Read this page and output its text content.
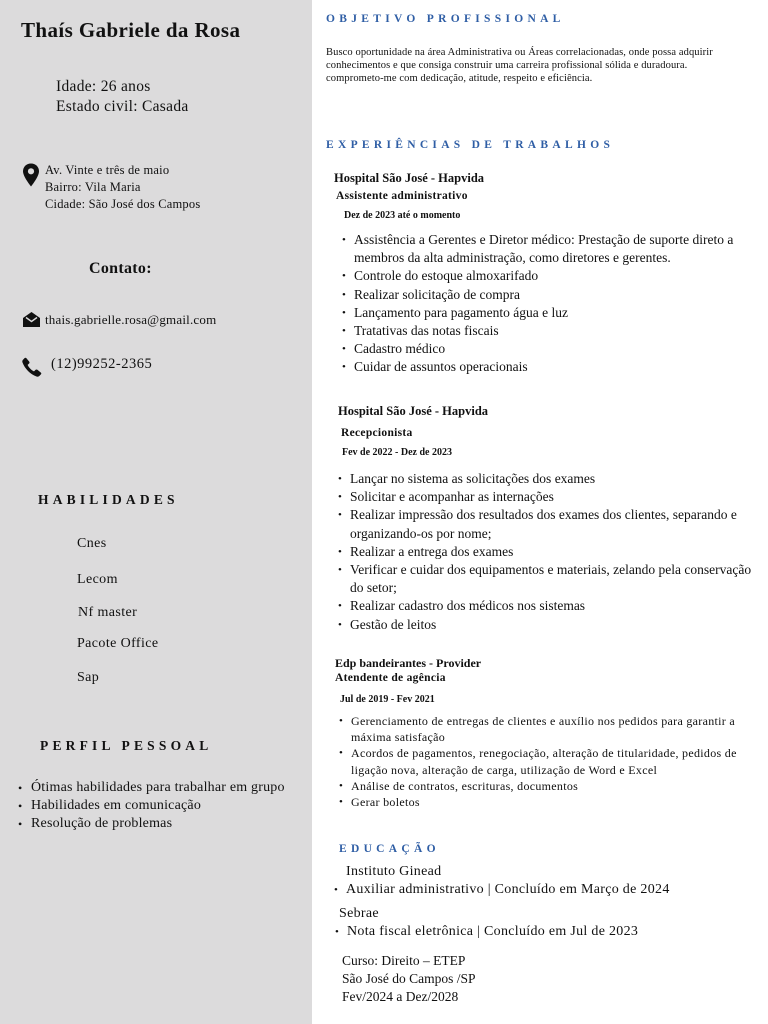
Thaís Gabriele da Rosa
Idade: 26 anos
Estado civil: Casada
Av. Vinte e três de maio
Bairro: Vila Maria
Cidade: São José dos Campos
Contato:
thais.gabrielle.rosa@gmail.com
(12)99252-2365
HABILIDADES
Cnes
Lecom
Nf master
Pacote Office
Sap
PERFIL PESSOAL
• Ótimas habilidades para trabalhar em grupo
• Habilidades em comunicação
• Resolução de problemas
OBJETIVO PROFISSIONAL
Busco oportunidade na área Administrativa ou Áreas correlacionadas, onde possa adquirir conhecimentos e que consiga construir uma carreira profissional sólida e duradoura. comprometo-me com dedicação, atitude, respeito e eficiência.
EXPERIÊNCIAS DE TRABALHOS
Hospital São José - Hapvida
Assistente administrativo
Dez de 2023 até o momento
• Assistência a Gerentes e Diretor médico: Prestação de suporte direto a membros da alta administração, como diretores e gerentes.
• Controle do estoque almoxarifado
• Realizar solicitação de compra
• Lançamento para pagamento água e luz
• Tratativas das notas fiscais
• Cadastro médico
• Cuidar de assuntos operacionais
Hospital São José - Hapvida
Recepcionista
Fev de 2022 - Dez de 2023
• Lançar no sistema as solicitações dos exames
• Solicitar e acompanhar as internações
• Realizar impressão dos resultados dos exames dos clientes, separando e organizando-os por nome;
• Realizar a entrega dos exames
• Verificar e cuidar dos equipamentos e materiais, zelando pela conservação do setor;
• Realizar cadastro dos médicos nos sistemas
• Gestão de leitos
Edp bandeirantes - Provider
Atendente de agência
Jul de 2019 - Fev 2021
• Gerenciamento de entregas de clientes e auxílio nos pedidos para garantir a máxima satisfação
• Acordos de pagamentos, renegociação, alteração de titularidade, pedidos de ligação nova, alteração de carga, utilização de Word e Excel
• Análise de contratos, escrituras, documentos
• Gerar boletos
EDUCAÇÃO
Instituto Ginead
• Auxiliar administrativo | Concluído em Março de 2024
Sebrae
• Nota fiscal eletrônica | Concluído em Jul de 2023
Curso: Direito – ETEP
São José do Campos /SP
Fev/2024 a Dez/2028
